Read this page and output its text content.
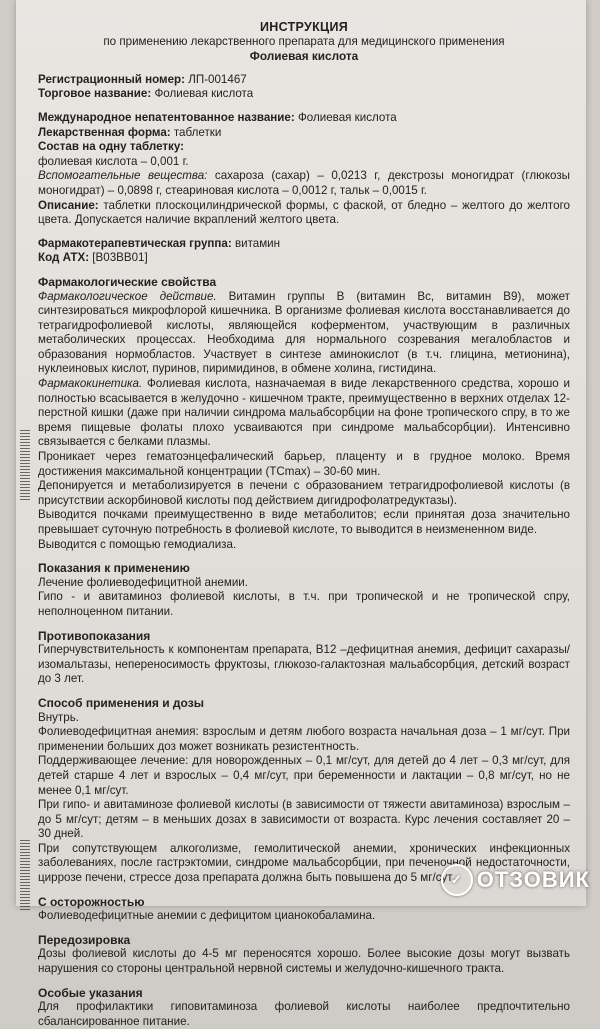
ИНСТРУКЦИЯ
по применению лекарственного препарата для медицинского применения
Фолиевая кислота

Регистрационный номер: ЛП-001467

Торговое название: Фолиевая кислота

Международное непатентованное название: Фолиевая кислота

Лекарственная форма: таблетки

Состав на одну таблетку:

фолиевая кислота – 0,001 г.

Вспомогательные вещества: сахароза (сахар) – 0,0213 г, декстрозы моногидрат (глюкозы моногидрат) – 0,0898 г, стеариновая кислота – 0,0012 г, тальк – 0,0015 г.

Описание: таблетки плоскоцилиндрической формы, с фаской, от бледно – желтого до желтого цвета. Допускается наличие вкраплений желтого цвета.

Фармакотерапевтическая группа: витамин

Код АТХ: [B03BB01]

Фармакологические свойства

Фармакологическое действие. Витамин группы В (витамин Вc, витамин В9), может синтезироваться микрофлорой кишечника. В организме фолиевая кислота восстанавливается до тетрагидрофолиевой кислоты, являющейся коферментом, участвующим в различных метаболических процессах. Необходима для нормального созревания мегалобластов и образования нормобластов. Участвует в синтезе аминокислот (в т.ч. глицина, метионина), нуклеиновых кислот, пуринов, пиримидинов, в обмене холина, гистидина.

Фармакокинетика. Фолиевая кислота, назначаемая в виде лекарственного средства, хорошо и полностью всасывается в желудочно - кишечном тракте, преимущественно в верхних отделах 12-перстной кишки (даже при наличии синдрома мальабсорбции на фоне тропического спру, в то же время пищевые фолаты плохо усваиваются при синдроме мальабсорбции). Интенсивно связывается с белками плазмы.

Проникает через гематоэнцефалический барьер, плаценту и в грудное молоко. Время достижения максимальной концентрации (TCmax) – 30-60 мин.

Депонируется и метаболизируется в печени с образованием тетрагидрофолиевой кислоты (в присутствии аскорбиновой кислоты под действием дигидрофолатредуктазы).

Выводится почками преимущественно в виде метаболитов; если принятая доза значительно превышает суточную потребность в фолиевой кислоте, то выводится в неизмененном виде.

Выводится с помощью гемодиализа.

Показания к применению

Лечение фолиеводефицитной анемии.

Гипо - и авитаминоз фолиевой кислоты, в т.ч. при тропической и не тропической спру, неполноценном питании.

Противопоказания

Гиперчувствительность к компонентам препарата, В12 –дефицитная анемия, дефицит сахаразы/изомальтазы, непереносимость фруктозы, глюкозо-галактозная мальабсорбция, детский возраст до 3 лет.

Способ применения и дозы

Внутрь.

Фолиеводефицитная анемия: взрослым и детям любого возраста начальная доза – 1 мг/сут. При применении больших доз может возникать резистентность.

Поддерживающее лечение: для новорожденных – 0,1 мг/сут, для детей до 4 лет – 0,3 мг/сут, для детей старше 4 лет и взрослых – 0,4 мг/сут, при беременности и лактации – 0,8 мг/сут, но не менее 0,1 мг/сут.

При гипо- и авитаминозе фолиевой кислоты (в зависимости от тяжести авитаминоза) взрослым – до 5 мг/сут; детям – в меньших дозах в зависимости от возраста. Курс лечения составляет 20 – 30 дней.

При сопутствующем алкоголизме, гемолитической анемии, хронических инфекционных заболеваниях, после гастрэктомии, синдроме мальабсорбции, при печеночной недостаточности, циррозе печени, стрессе доза препарата должна быть повышена до 5 мг/сут.

С осторожностью

Фолиеводефицитные анемии с дефицитом цианокобаламина.

Передозировка

Дозы фолиевой кислоты до 4-5 мг переносятся хорошо. Более высокие дозы могут вызвать нарушения со стороны центральной нервной системы и желудочно-кишечного тракта.

Особые указания

Для профилактики гиповитаминоза фолиевой кислоты наиболее предпочтительно сбалансированное питание.

✓ ОТЗОВИК
